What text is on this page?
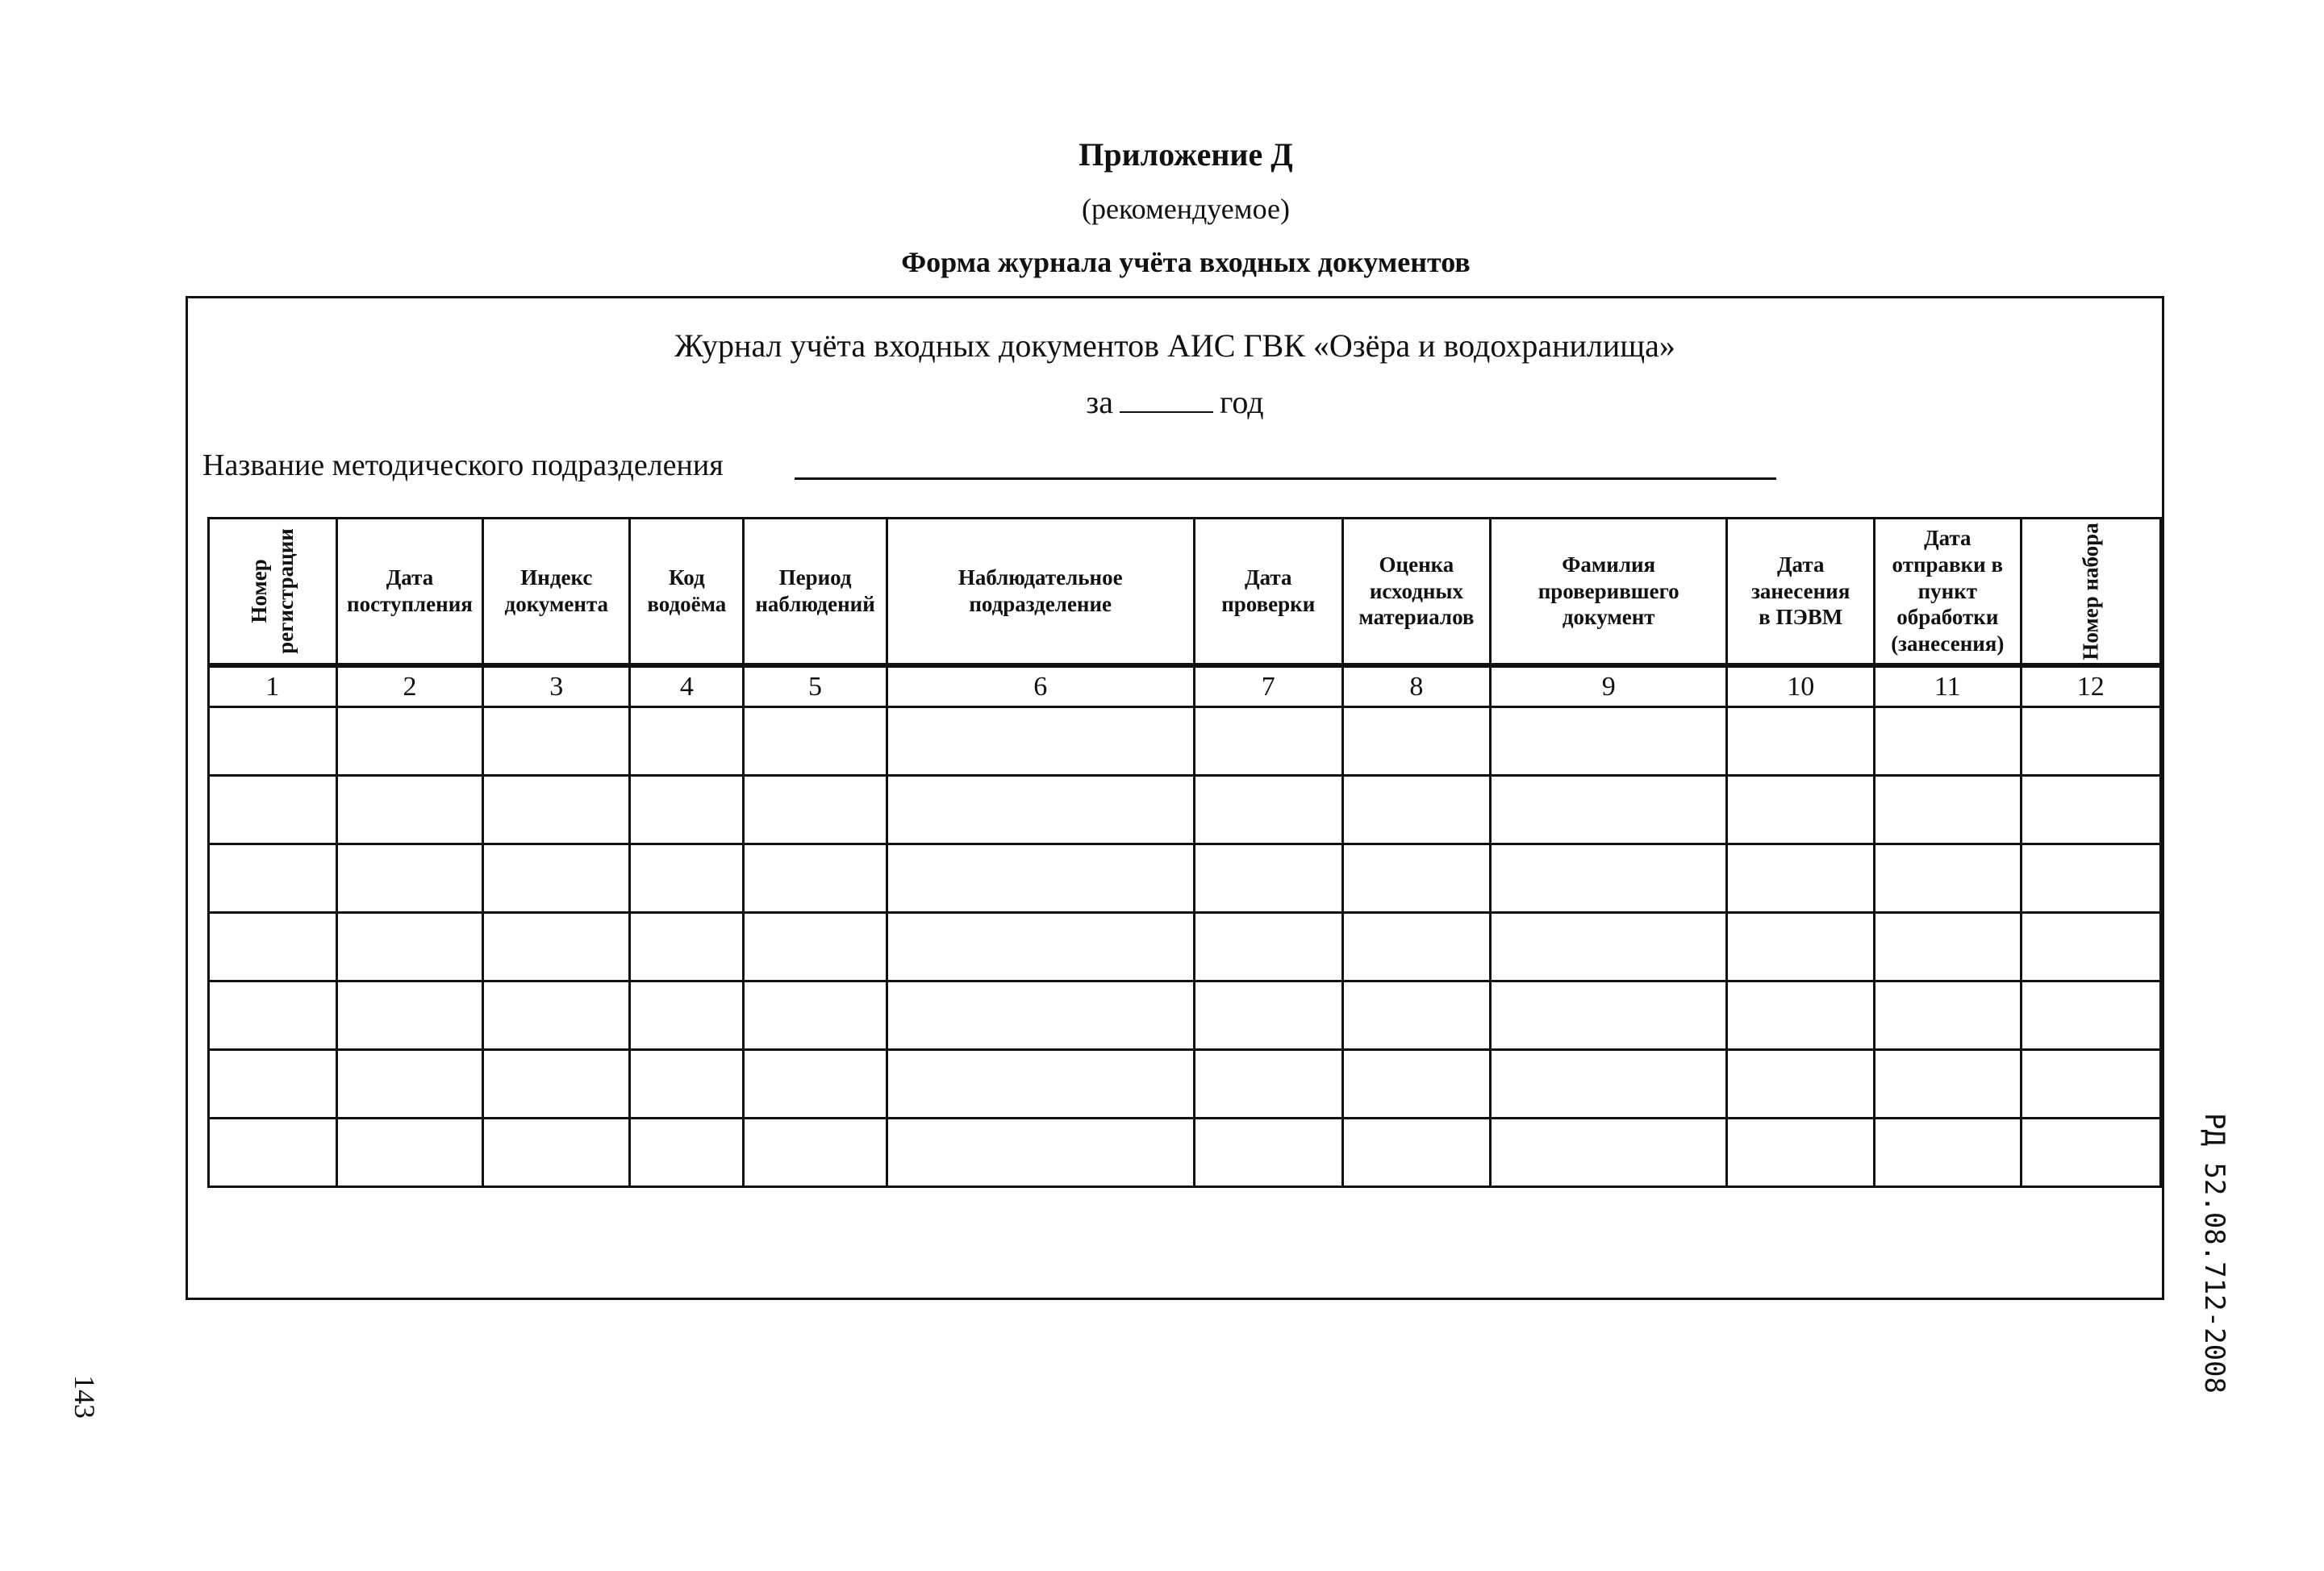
Приложение Д
(рекомендуемое)
Форма журнала учёта входных документов
Журнал учёта входных документов АИС ГВК «Озёра и водохранилища»
за	год
Название методического подразделения
Номер регистрации	Дата поступления	Индекс документа	Код водоёма	Период наблюдений	Наблюдательное подразделение	Дата проверки	Оценка исходных материалов	Фамилия проверившего документ	Дата занесения в ПЭВМ	Дата отправки в пункт обработки (занесения)	Номер набора
1	2	3	4	5	6	7	8	9	10	11	12

РД 52.08.712-2008
143
